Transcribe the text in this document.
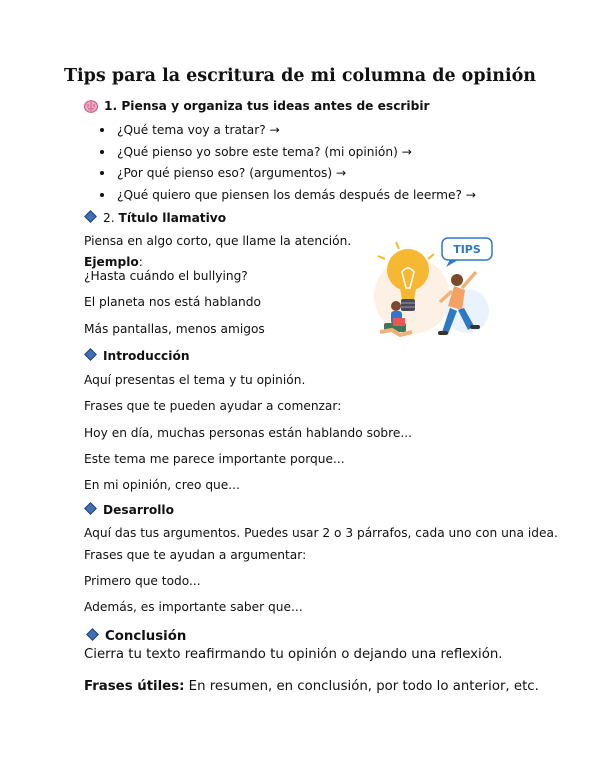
Tips para la escritura de mi columna de opinión
1. Piensa y organiza tus ideas antes de escribir
¿Qué tema voy a tratar? →
¿Qué pienso yo sobre este tema? (mi opinión) →
¿Por qué pienso eso? (argumentos) →
¿Qué quiero que piensen los demás después de leerme? →
2. Título llamativo
Piensa en algo corto, que llame la atención.
Ejemplo:
¿Hasta cuándo el bullying?
El planeta nos está hablando
Más pantallas, menos amigos
TIPS
Introducción
Aquí presentas el tema y tu opinión.
Frases que te pueden ayudar a comenzar:
Hoy en día, muchas personas están hablando sobre...
Este tema me parece importante porque...
En mi opinión, creo que...
Desarrollo
Aquí das tus argumentos. Puedes usar 2 o 3 párrafos, cada uno con una idea.
Frases que te ayudan a argumentar:
Primero que todo...
Además, es importante saber que...
Conclusión
Cierra tu texto reafirmando tu opinión o dejando una reflexión.
Frases útiles: En resumen, en conclusión, por todo lo anterior, etc.
